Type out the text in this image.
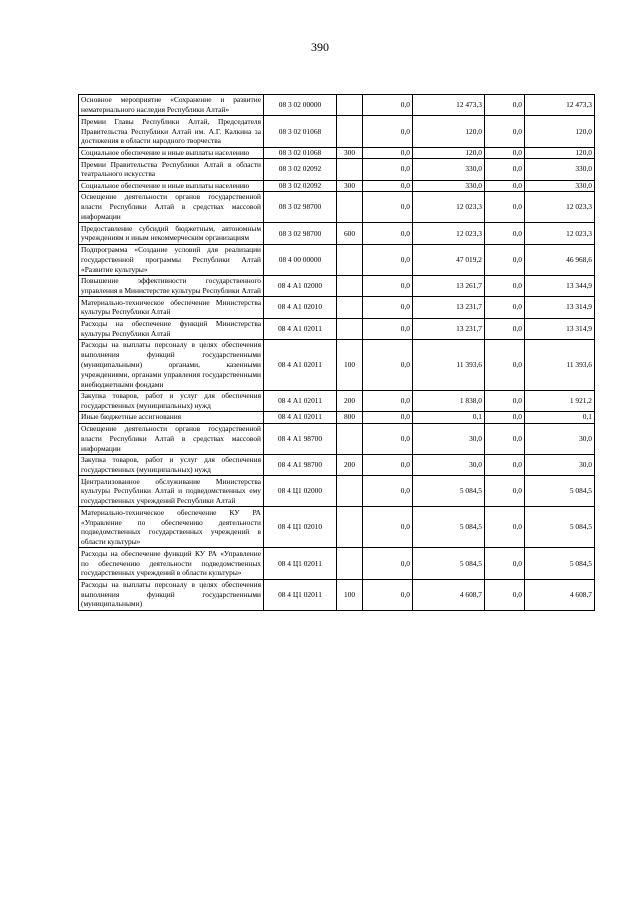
390
Основное мероприятие «Сохранение и развитие нематериального наследия Республики Алтай»	08 3 02 00000		0,0	12 473,3	0,0	12 473,3
Премии Главы Республики Алтай, Председателя Правительства Республики Алтай им. А.Г. Калкина за достижения в области народного творчества	08 3 02 01068		0,0	120,0	0,0	120,0
Социальное обеспечение и иные выплаты населению	08 3 02 01068	300	0,0	120,0	0,0	120,0
Премии Правительства Республики Алтай в области театрального искусства	08 3 02 02092		0,0	330,0	0,0	330,0
Социальное обеспечение и иные выплаты населению	08 3 02 02092	300	0,0	330,0	0,0	330,0
Освещение деятельности органов государственной власти Республики Алтай в средствах массовой информации	08 3 02 98700		0,0	12 023,3	0,0	12 023,3
Предоставление субсидий бюджетным, автономным учреждениям и иным некоммерческим организациям	08 3 02 98700	600	0,0	12 023,3	0,0	12 023,3
Подпрограмма «Создание условий для реализации государственной программы Республики Алтай «Развитие культуры»	08 4 00 00000		0,0	47 019,2	0,0	46 968,6
Повышение эффективности государственного управления в Министерстве культуры Республики Алтай	08 4 А1 02000		0,0	13 261,7	0,0	13 344,9
Материально-техническое обеспечение Министерства культуры Республики Алтай	08 4 А1 02010		0,0	13 231,7	0,0	13 314,9
Расходы на обеспечение функций Министерства культуры Республики Алтай	08 4 А1 02011		0,0	13 231,7	0,0	13 314,9
Расходы на выплаты персоналу в целях обеспечения выполнения функций государственными (муниципальными) органами, казенными учреждениями, органами управления государственными внебюджетными фондами	08 4 А1 02011	100	0,0	11 393,6	0,0	11 393,6
Закупка товаров, работ и услуг для обеспечения государственных (муниципальных) нужд	08 4 А1 02011	200	0,0	1 838,0	0,0	1 921,2
Иные бюджетные ассигнования	08 4 А1 02011	800	0,0	0,1	0,0	0,1
Освещение деятельности органов государственной власти Республики Алтай в средствах массовой информации	08 4 А1 98700		0,0	30,0	0,0	30,0
Закупка товаров, работ и услуг для обеспечения государственных (муниципальных) нужд	08 4 А1 98700	200	0,0	30,0	0,0	30,0
Централизованное обслуживание Министерства культуры Республики Алтай и подведомственных ему государственных учреждений Республики Алтай	08 4 Ц1 02000		0,0	5 084,5	0,0	5 084,5
Материально-техническое обеспечение КУ РА «Управление по обеспечению деятельности подведомственных государственных учреждений в области культуры»	08 4 Ц1 02010		0,0	5 084,5	0,0	5 084,5
Расходы на обеспечение функций КУ РА «Управление по обеспечению деятельности подведомственных государственных учреждений в области культуры»	08 4 Ц1 02011		0,0	5 084,5	0,0	5 084,5
Расходы на выплаты персоналу в целях обеспечения выполнения функций государственными (муниципальными)	08 4 Ц1 02011	100	0,0	4 608,7	0,0	4 608,7
